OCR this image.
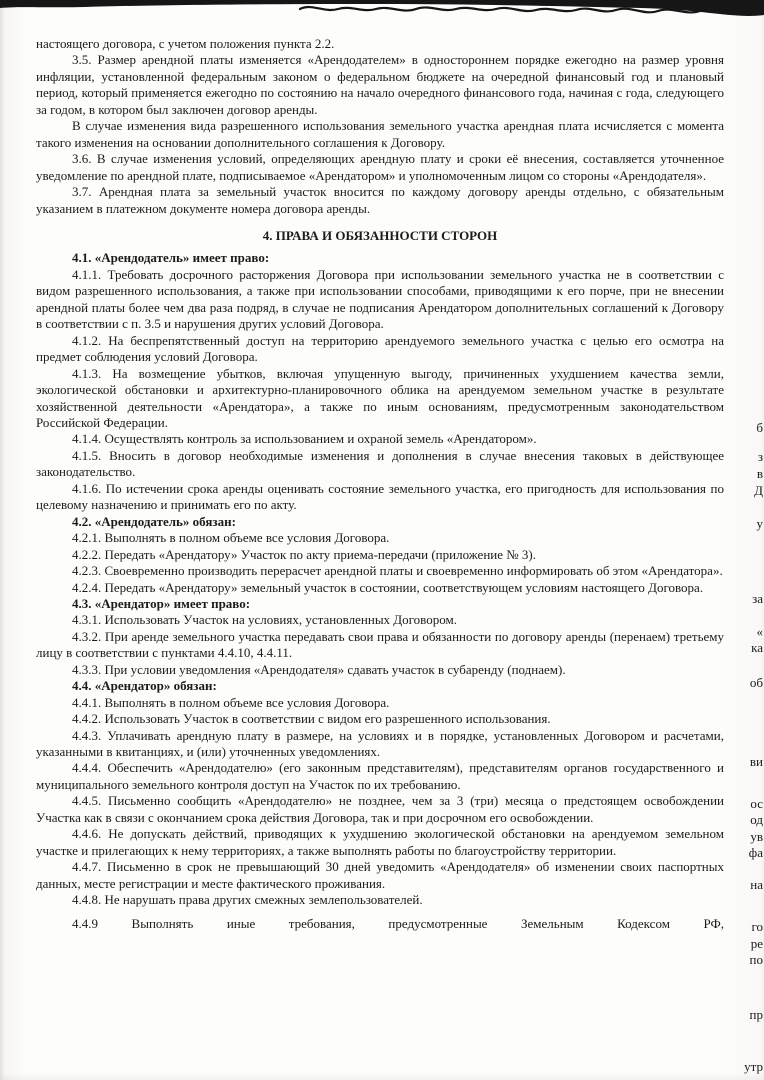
настоящего договора, с учетом положения пункта 2.2.

3.5. Размер арендной платы изменяется «Арендодателем» в одностороннем порядке ежегодно на размер уровня инфляции, установленной федеральным законом о федеральном бюджете на очередной финансовый год и плановый период, который применяется ежегодно по состоянию на начало очередного финансового года, начиная с года, следующего за годом, в котором был заключен договор аренды.

В случае изменения вида разрешенного использования земельного участка арендная плата исчисляется с момента такого изменения на основании дополнительного соглашения к Договору.

3.6. В случае изменения условий, определяющих арендную плату и сроки её внесения, составляется уточненное уведомление по арендной плате, подписываемое «Арендатором» и уполномоченным лицом со стороны «Арендодателя».

3.7. Арендная плата за земельный участок вносится по каждому договору аренды отдельно, с обязательным указанием в платежном документе номера договора аренды.

4. ПРАВА И ОБЯЗАННОСТИ СТОРОН

4.1. «Арендодатель» имеет право:

4.1.1. Требовать досрочного расторжения Договора при использовании земельного участка не в соответствии с видом разрешенного использования, а также при использовании способами, приводящими к его порче, при не внесении арендной платы более чем два раза подряд, в случае не подписания Арендатором дополнительных соглашений к Договору в соответствии с п. 3.5 и нарушения других условий Договора.

4.1.2. На беспрепятственный доступ на территорию арендуемого земельного участка с целью его осмотра на предмет соблюдения условий Договора.

4.1.3. На возмещение убытков, включая упущенную выгоду, причиненных ухудшением качества земли, экологической обстановки и архитектурно-планировочного облика на арендуемом земельном участке в результате хозяйственной деятельности «Арендатора», а также по иным основаниям, предусмотренным законодательством Российской Федерации.

4.1.4. Осуществлять контроль за использованием и охраной земель «Арендатором».

4.1.5. Вносить в договор необходимые изменения и дополнения в случае внесения таковых в действующее законодательство.

4.1.6. По истечении срока аренды оценивать состояние земельного участка, его пригодность для использования по целевому назначению и принимать его по акту.

4.2. «Арендодатель» обязан:

4.2.1. Выполнять в полном объеме все условия Договора.

4.2.2. Передать «Арендатору» Участок по акту приема-передачи (приложение № 3).

4.2.3. Своевременно производить перерасчет арендной платы и своевременно информировать об этом «Арендатора».

4.2.4. Передать «Арендатору» земельный участок в состоянии, соответствующем условиям настоящего Договора.

4.3. «Арендатор» имеет право:

4.3.1. Использовать Участок на условиях, установленных Договором.

4.3.2. При аренде земельного участка передавать свои права и обязанности по договору аренды (перенаем) третьему лицу в соответствии с пунктами 4.4.10, 4.4.11.

4.3.3. При условии уведомления «Арендодателя» сдавать участок в субаренду (поднаем).

4.4. «Арендатор» обязан:

4.4.1. Выполнять в полном объеме все условия Договора.

4.4.2. Использовать Участок в соответствии с видом его разрешенного использования.

4.4.3. Уплачивать арендную плату в размере, на условиях и в порядке, установленных Договором и расчетами, указанными в квитанциях, и (или) уточненных уведомлениях.

4.4.4. Обеспечить «Арендодателю» (его законным представителям), представителям органов государственного и муниципального земельного контроля доступ на Участок по их требованию.

4.4.5. Письменно сообщить «Арендодателю» не позднее, чем за 3 (три) месяца о предстоящем освобождении Участка как в связи с окончанием срока действия Договора, так и при досрочном его освобождении.

4.4.6. Не допускать действий, приводящих к ухудшению экологической обстановки на арендуемом земельном участке и прилегающих к нему территориях, а также выполнять работы по благоустройству территории.

4.4.7. Письменно в срок не превышающий 30 дней уведомить «Арендодателя» об изменении своих паспортных данных, месте регистрации и месте фактического проживания.

4.4.8. Не нарушать права других смежных землепользователей.

4.4.9 Выполнять иные требования, предусмотренные Земельным Кодексом РФ,

б
з
в
Д
у
за
«
ка
об
ви
ос
од
ув
фа
на
го
ре
по
пр
утр
